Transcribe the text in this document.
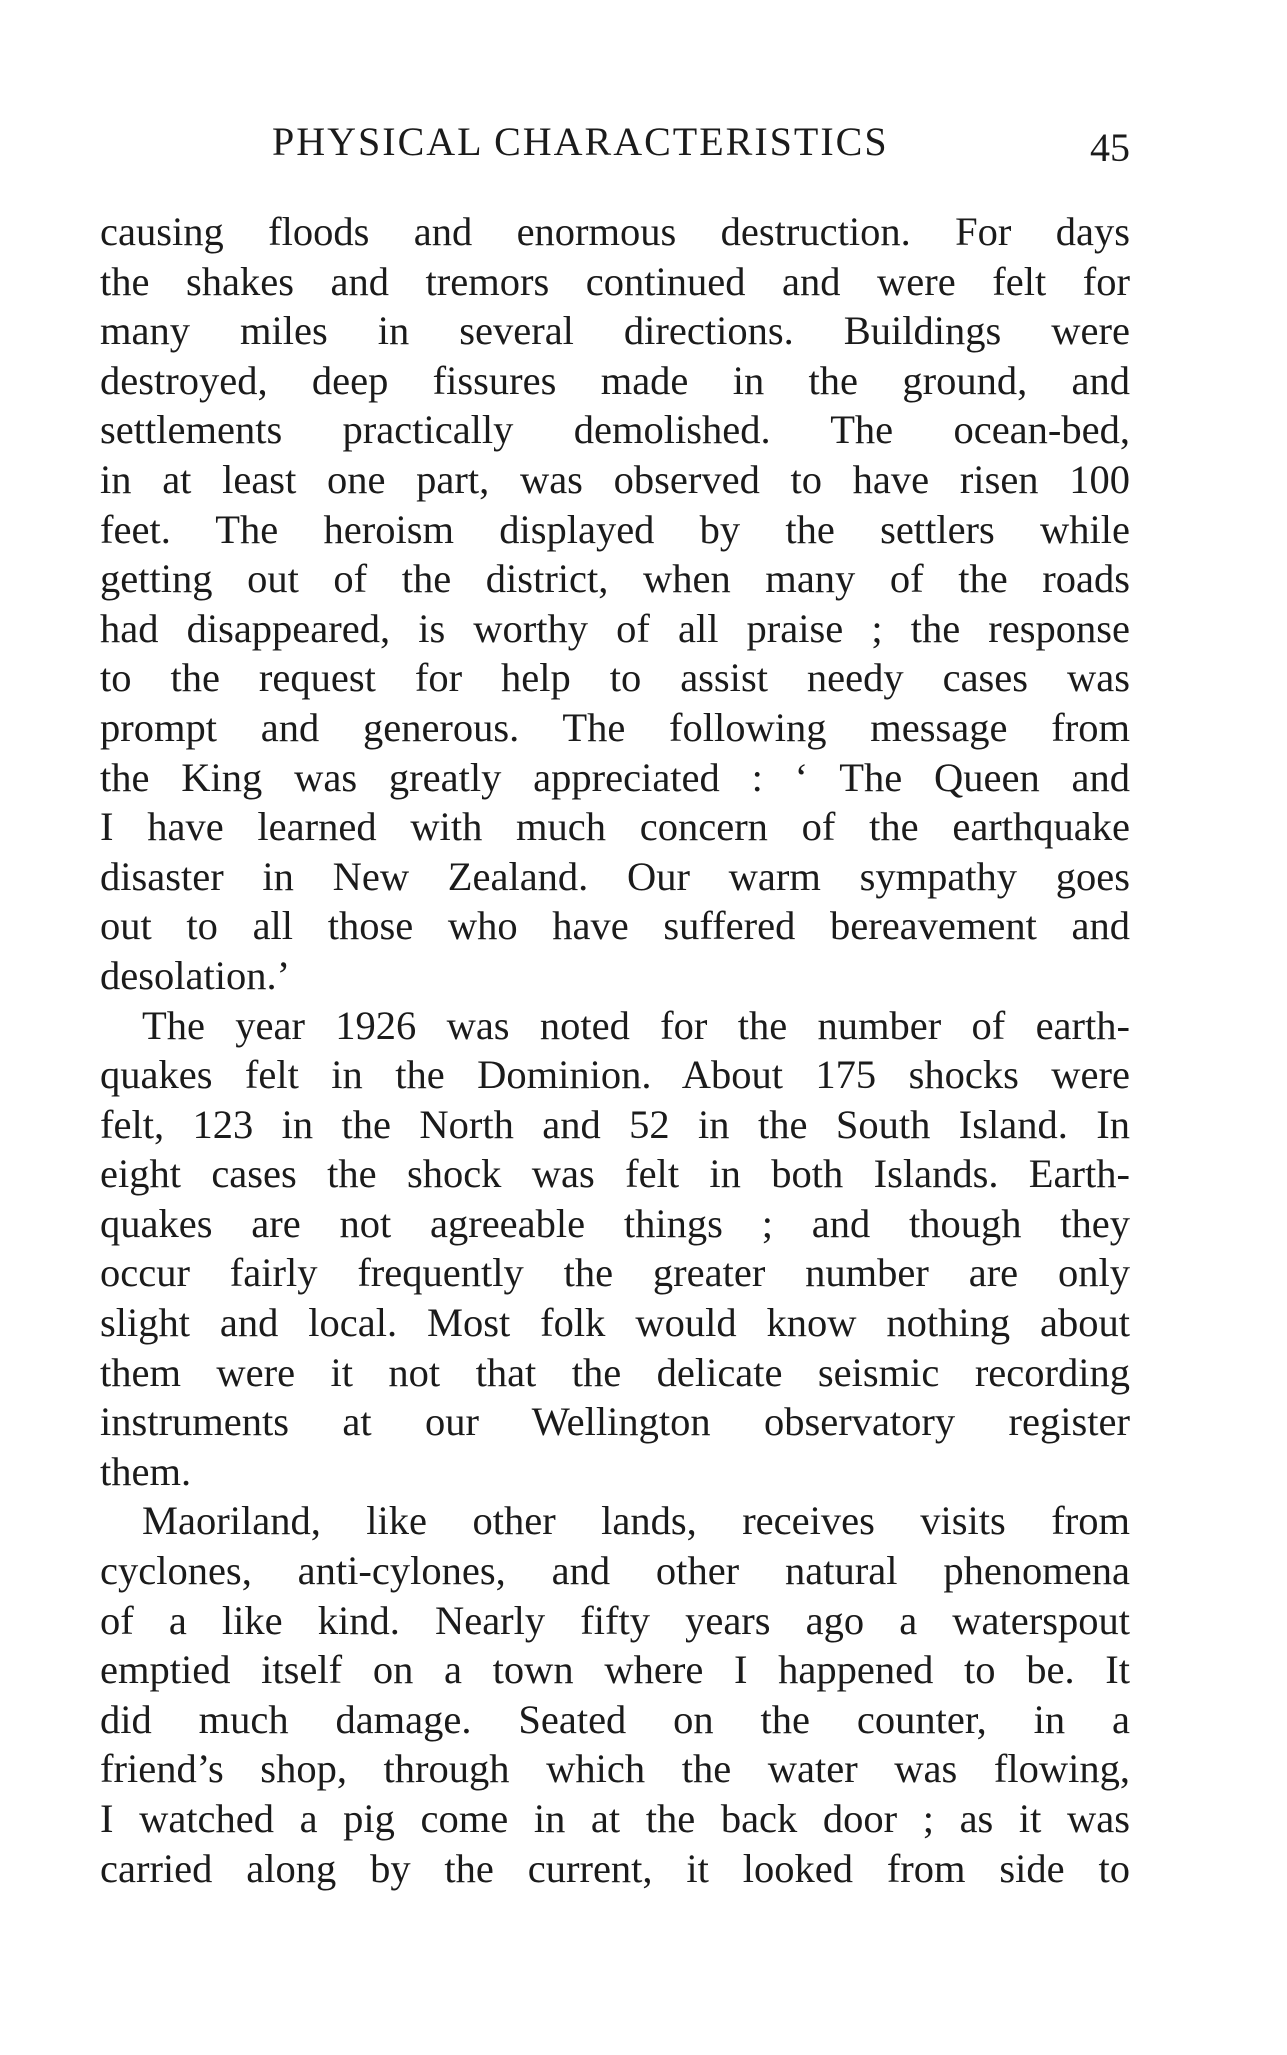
PHYSICAL CHARACTERISTICS	45
causing floods and enormous destruction. For days
the shakes and tremors continued and were felt for
many miles in several directions. Buildings were
destroyed, deep fissures made in the ground, and
settlements practically demolished. The ocean-bed,
in at least one part, was observed to have risen 100
feet. The heroism displayed by the settlers while
getting out of the district, when many of the roads
had disappeared, is worthy of all praise ; the response
to the request for help to assist needy cases was
prompt and generous. The following message from
the King was greatly appreciated : ‘ The Queen and
I have learned with much concern of the earthquake
disaster in New Zealand. Our warm sympathy goes
out to all those who have suffered bereavement and
desolation.’
The year 1926 was noted for the number of earth-
quakes felt in the Dominion. About 175 shocks were
felt, 123 in the North and 52 in the South Island. In
eight cases the shock was felt in both Islands. Earth-
quakes are not agreeable things ; and though they
occur fairly frequently the greater number are only
slight and local. Most folk would know nothing about
them were it not that the delicate seismic recording
instruments at our Wellington observatory register
them.
Maoriland, like other lands, receives visits from
cyclones, anti-cylones, and other natural phenomena
of a like kind. Nearly fifty years ago a waterspout
emptied itself on a town where I happened to be. It
did much damage. Seated on the counter, in a
friend’s shop, through which the water was flowing,
I watched a pig come in at the back door ; as it was
carried along by the current, it looked from side to
